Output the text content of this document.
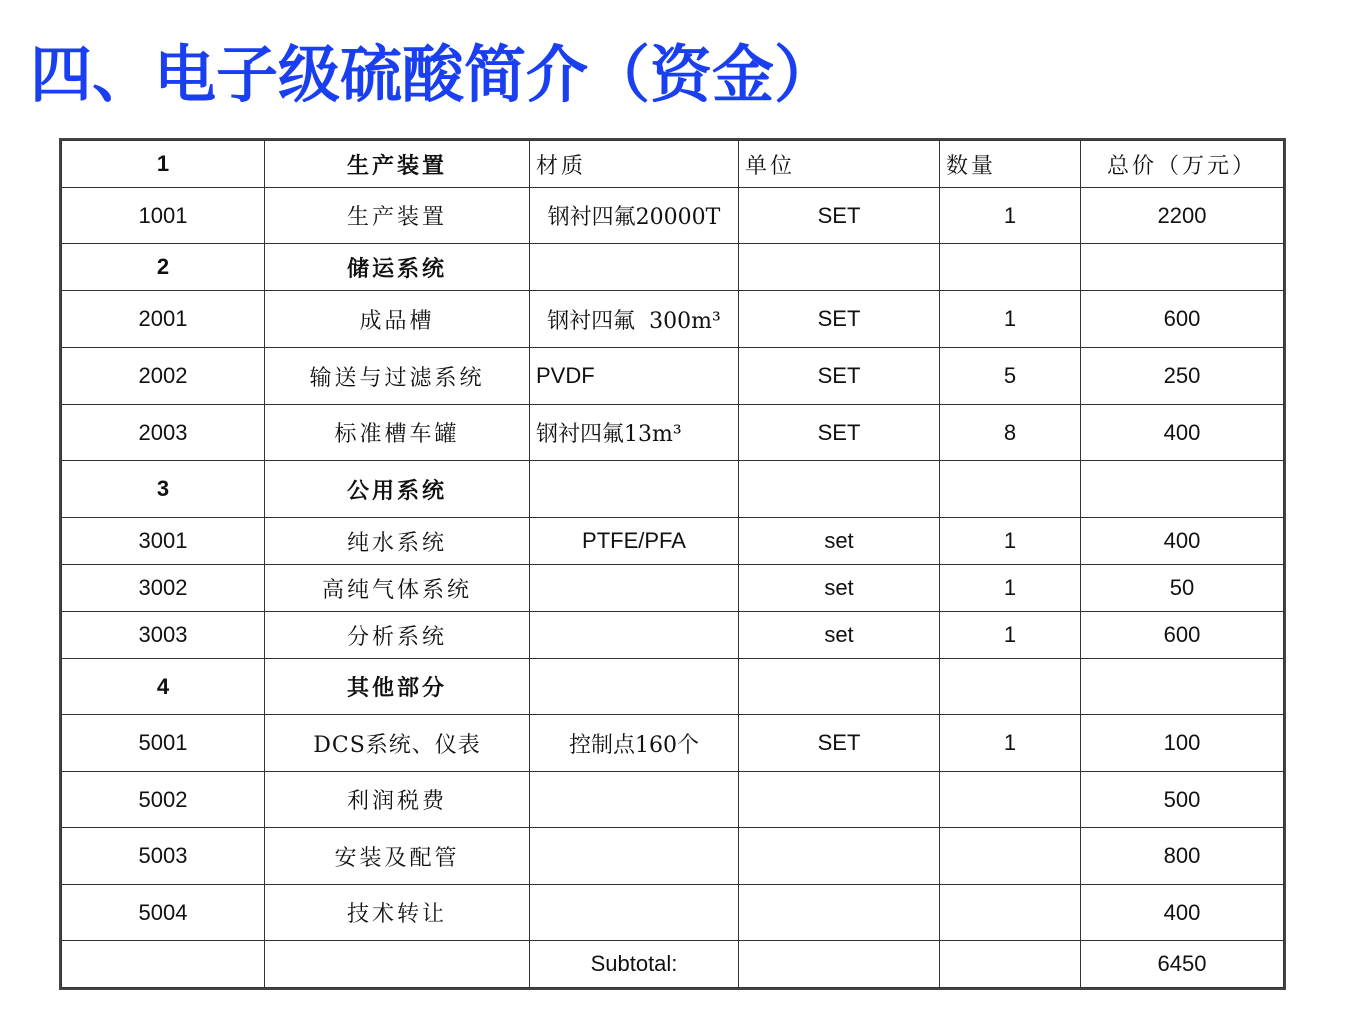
四、电子级硫酸简介（资金）
1	生产装置	材质	单位	数量	总价（万元）
1001	生产装置	钢衬四氟20000T	SET	1	2200
2	储运系统				
2001	成品槽	钢衬四氟  300m³	SET	1	600
2002	输送与过滤系统	PVDF	SET	5	250
2003	标准槽车罐	钢衬四氟13m³	SET	8	400
3	公用系统				
3001	纯水系统	PTFE/PFA	set	1	400
3002	高纯气体系统		set	1	50
3003	分析系统		set	1	600
4	其他部分				
5001	DCS系统、仪表	控制点160个	SET	1	100
5002	利润税费				500
5003	安装及配管				800
5004	技术转让				400
		Subtotal:			6450
